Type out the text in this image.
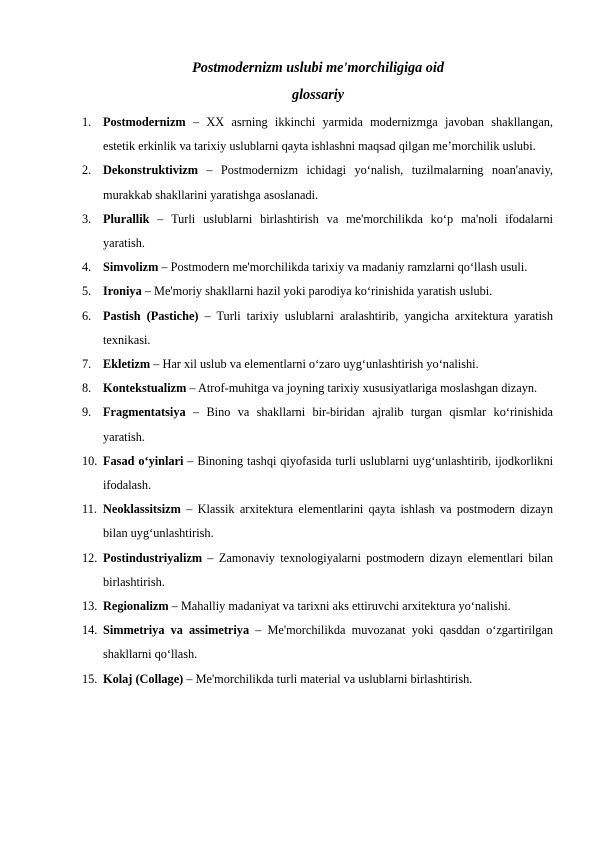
Postmodernizm uslubi me'morchiligiga oid

glossariy

1. Postmodernizm – XX asrning ikkinchi yarmida modernizmga javoban shakllangan, estetik erkinlik va tarixiy uslublarni qayta ishlashni maqsad qilgan me’morchilik uslubi.
2. Dekonstruktivizm – Postmodernizm ichidagi yo‘nalish, tuzilmalarning noan'anaviy, murakkab shakllarini yaratishga asoslanadi.
3. Plurallik – Turli uslublarni birlashtirish va me'morchilikda ko‘p ma'noli ifodalarni yaratish.
4. Simvolizm – Postmodern me'morchilikda tarixiy va madaniy ramzlarni qo‘llash usuli.
5. Ironiya – Me'moriy shakllarni hazil yoki parodiya ko‘rinishida yaratish uslubi.
6. Pastish (Pastiche) – Turli tarixiy uslublarni aralashtirib, yangicha arxitektura yaratish texnikasi.
7. Ekletizm – Har xil uslub va elementlarni o‘zaro uyg‘unlashtirish yo‘nalishi.
8. Kontekstualizm – Atrof-muhitga va joyning tarixiy xususiyatlariga moslashgan dizayn.
9. Fragmentatsiya – Bino va shakllarni bir-biridan ajralib turgan qismlar ko‘rinishida yaratish.
10. Fasad o‘yinlari – Binoning tashqi qiyofasida turli uslublarni uyg‘unlashtirib, ijodkorlikni ifodalash.
11. Neoklassitsizm – Klassik arxitektura elementlarini qayta ishlash va postmodern dizayn bilan uyg‘unlashtirish.
12. Postindustriyalizm – Zamonaviy texnologiyalarni postmodern dizayn elementlari bilan birlashtirish.
13. Regionalizm – Mahalliy madaniyat va tarixni aks ettiruvchi arxitektura yo‘nalishi.
14. Simmetriya va assimetriya – Me'morchilikda muvozanat yoki qasddan o‘zgartirilgan shakllarni qo‘llash.
15. Kolaj (Collage) – Me'morchilikda turli material va uslublarni birlashtirish.
